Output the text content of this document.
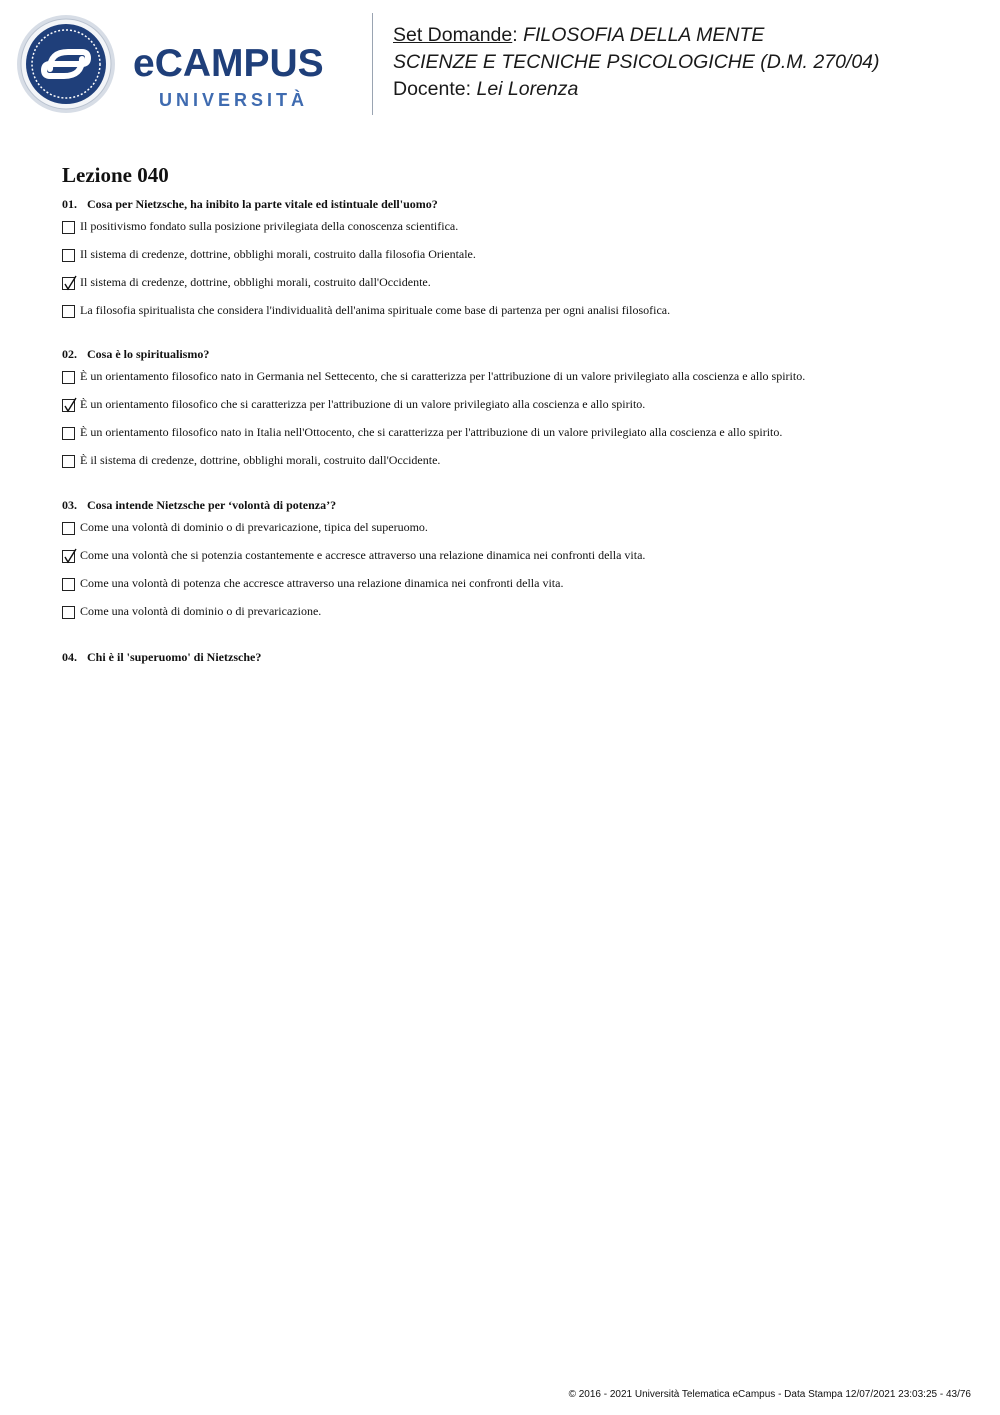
eCAMPUS
UNIVERSITÀ
Set Domande: FILOSOFIA DELLA MENTE
SCIENZE E TECNICHE PSICOLOGICHE (D.M. 270/04)
Docente: Lei Lorenza
Lezione 040

01. Cosa per Nietzsche, ha inibito la parte vitale ed istintuale dell'uomo?

Il positivismo fondato sulla posizione privilegiata della conoscenza scientifica.
Il sistema di credenze, dottrine, obblighi morali, costruito dalla filosofia Orientale.
Il sistema di credenze, dottrine, obblighi morali, costruito dall'Occidente.
La filosofia spiritualista che considera l'individualità dell'anima spirituale come base di partenza per ogni analisi filosofica.

02. Cosa è lo spiritualismo?

È un orientamento filosofico nato in Germania nel Settecento, che si caratterizza per l'attribuzione di un valore privilegiato alla coscienza e allo spirito.
È un orientamento filosofico che si caratterizza per l'attribuzione di un valore privilegiato alla coscienza e allo spirito.
È un orientamento filosofico nato in Italia nell'Ottocento, che si caratterizza per l'attribuzione di un valore privilegiato alla coscienza e allo spirito.
È il sistema di credenze, dottrine, obblighi morali, costruito dall'Occidente.

03. Cosa intende Nietzsche per ‘volontà di potenza’?

Come una volontà di dominio o di prevaricazione, tipica del superuomo.
Come una volontà che si potenzia costantemente e accresce attraverso una relazione dinamica nei confronti della vita.
Come una volontà di potenza che accresce attraverso una relazione dinamica nei confronti della vita.
Come una volontà di dominio o di prevaricazione.

04. Chi è il 'superuomo' di Nietzsche?

© 2016 - 2021 Università Telematica eCampus - Data Stampa 12/07/2021 23:03:25 - 43/76
